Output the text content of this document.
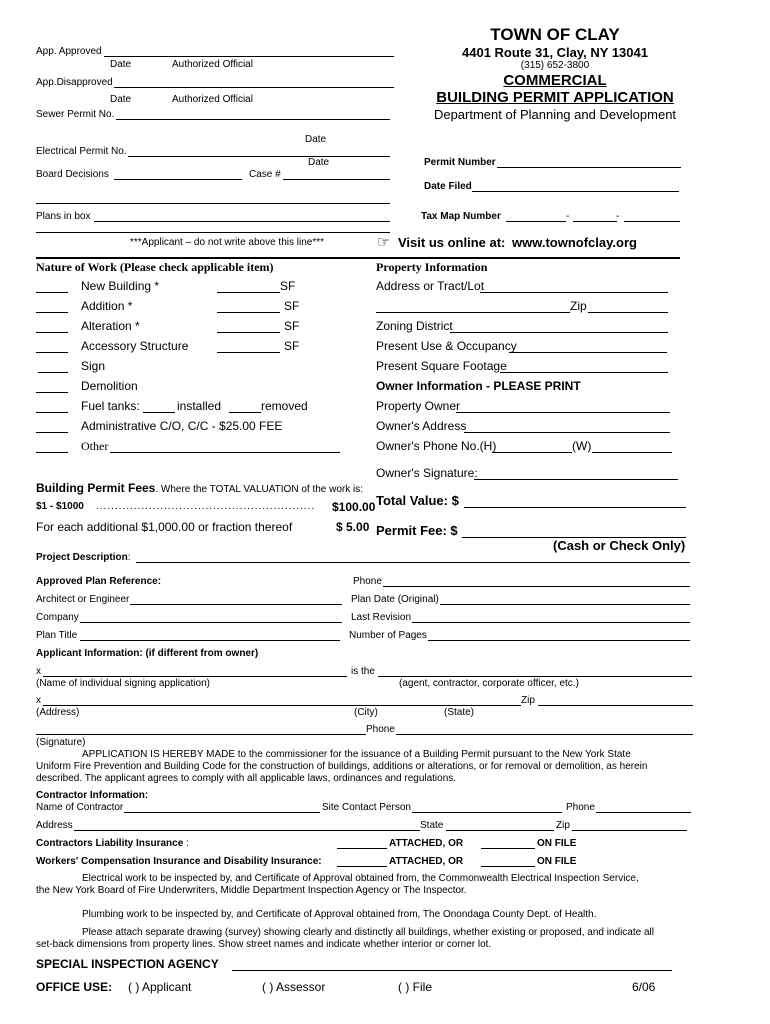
TOWN OF CLAY
4401 Route 31, Clay, NY 13041
(315) 652-3800
COMMERCIAL
BUILDING PERMIT APPLICATION
Department of Planning and Development
App. Approved
Date	Authorized Official
App.Disapproved
Date	Authorized Official
Sewer Permit No.
Date
Electrical Permit No.
Date
Board Decisions	Case #
Plans in box
***Applicant – do not write above this line***
Permit Number
Date Filed
Tax Map Number	-	-
☞ Visit us online at: www.townofclay.org
Nature of Work (Please check applicable item)
New Building *	SF
Addition *	SF
Alteration *	SF
Accessory Structure	SF
Sign
Demolition
Fuel tanks:	installed	removed
Administrative C/O, C/C - $25.00 FEE
Other
Property Information
Address or Tract/Lot
Zip
Zoning District
Present Use & Occupancy
Present Square Footage
Owner Information - PLEASE PRINT
Property Owner
Owner's Address
Owner's Phone No.(H)	(W)
Owner's Signature:
Building Permit Fees. Where the TOTAL VALUATION of the work is:
$1 - $1000 .......................................................... $100.00
For each additional $1,000.00 or fraction thereof	$ 5.00
Total Value: $
Permit Fee: $
(Cash or Check Only)
Project Description:
Approved Plan Reference:	Phone
Architect or Engineer	Plan Date (Original)
Company	Last Revision
Plan Title	Number of Pages
Applicant Information: (if different from owner)
x	is the
(Name of individual signing application)	(agent, contractor, corporate officer, etc.)
x	Zip
(Address)	(City)	(State)
Phone
(Signature)
APPLICATION IS HEREBY MADE to the commissioner for the issuance of a Building Permit pursuant to the New York State
Uniform Fire Prevention and Building Code for the construction of buildings, additions or alterations, or for removal or demolition, as herein
described. The applicant agrees to comply with all applicable laws, ordinances and regulations.
Contractor Information:
Name of Contractor	Site Contact Person	Phone
Address	State	Zip
Contractors Liability Insurance :	ATTACHED, OR	ON FILE
Workers' Compensation Insurance and Disability Insurance:	ATTACHED, OR	ON FILE
Electrical work to be inspected by, and Certificate of Approval obtained from, the Commonwealth Electrical Inspection Service,
the New York Board of Fire Underwriters, Middle Department Inspection Agency or The Inspector.
Plumbing work to be inspected by, and Certificate of Approval obtained from, The Onondaga County Dept. of Health.
Please attach separate drawing (survey) showing clearly and distinctly all buildings, whether existing or proposed, and indicate all
set-back dimensions from property lines. Show street names and indicate whether interior or corner lot.
SPECIAL INSPECTION AGENCY
OFFICE USE: ( ) Applicant	( ) Assessor	( ) File	6/06
